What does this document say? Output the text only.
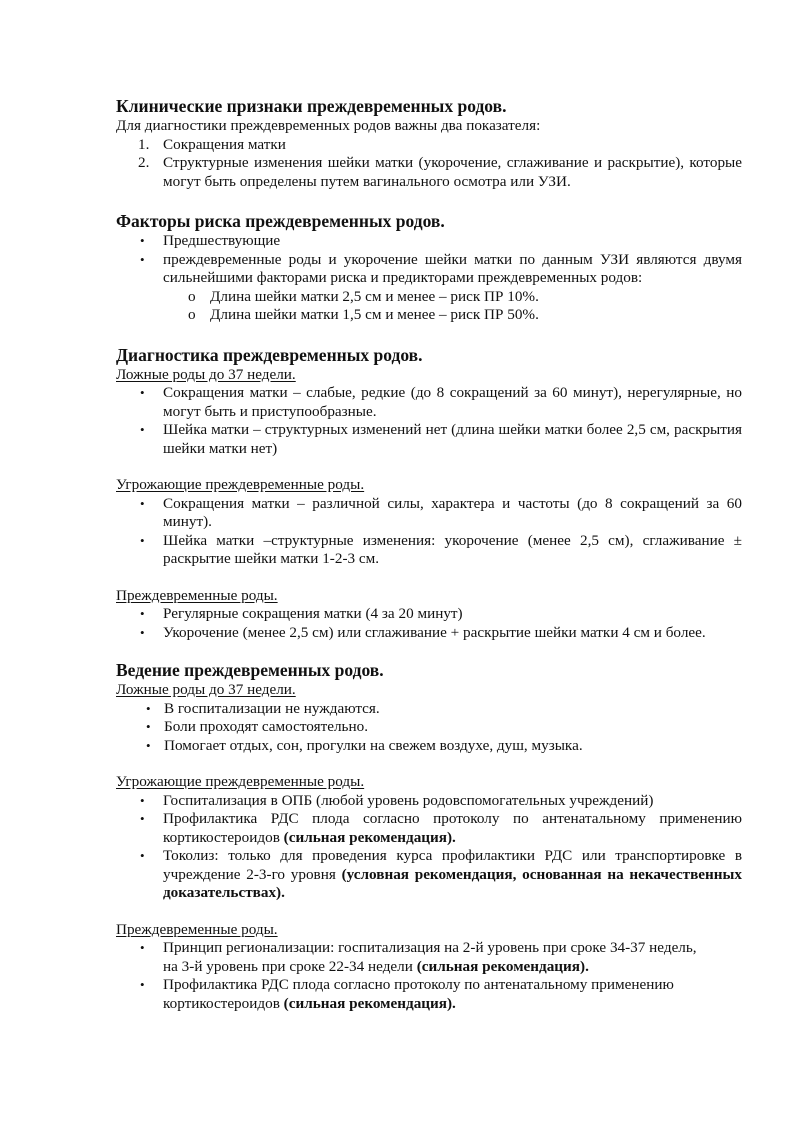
Клинические признаки преждевременных родов.

Для диагностики преждевременных родов важны два показателя:

1. Сокращения матки
2. Структурные изменения шейки матки (укорочение, сглаживание и раскрытие), которые могут быть определены путем вагинального осмотра или УЗИ.
Факторы риска преждевременных родов.
• Предшествующие
• преждевременные роды и укорочение шейки матки по данным УЗИ являются двумя сильнейшими факторами риска и предикторами преждевременных родов:
o Длина шейки матки 2,5 см и менее – риск ПР 10%.
o Длина шейки матки 1,5 см и менее – риск ПР 50%.
Диагностика преждевременных родов.

Ложные роды до 37 недели.

• Сокращения матки – слабые, редкие (до 8 сокращений за 60 минут), нерегулярные, но могут быть и приступообразные.
• Шейка матки – структурных изменений нет (длина шейки матки более 2,5 см, раскрытия шейки матки нет)

Угрожающие преждевременные роды.

• Сокращения матки – различной силы, характера и частоты (до 8 сокращений за 60 минут).
• Шейка матки –структурные изменения: укорочение (менее 2,5 см), сглаживание ± раскрытие шейки матки 1-2-3 см.

Преждевременные роды.

• Регулярные сокращения матки (4 за 20 минут)
• Укорочение (менее 2,5 см) или сглаживание + раскрытие шейки матки 4 см и более.
Ведение преждевременных родов.

Ложные роды до 37 недели.

• В госпитализации не нуждаются.
• Боли проходят самостоятельно.
• Помогает отдых, сон, прогулки на свежем воздухе, душ, музыка.

Угрожающие преждевременные роды.

• Госпитализация в ОПБ (любой уровень родовспомогательных учреждений)
• Профилактика РДС плода согласно протоколу по антенатальному применению кортикостероидов (сильная рекомендация).
• Токолиз: только для проведения курса профилактики РДС или транспортировке в учреждение 2-3-го уровня (условная рекомендация, основанная на некачественных доказательствах).

Преждевременные роды.

• Принцип регионализации: госпитализация на 2-й уровень при сроке 34-37 недель,
на 3-й уровень при сроке 22-34 недели (сильная рекомендация).
• Профилактика РДС плода согласно протоколу по антенатальному применению
кортикостероидов (сильная рекомендация).
